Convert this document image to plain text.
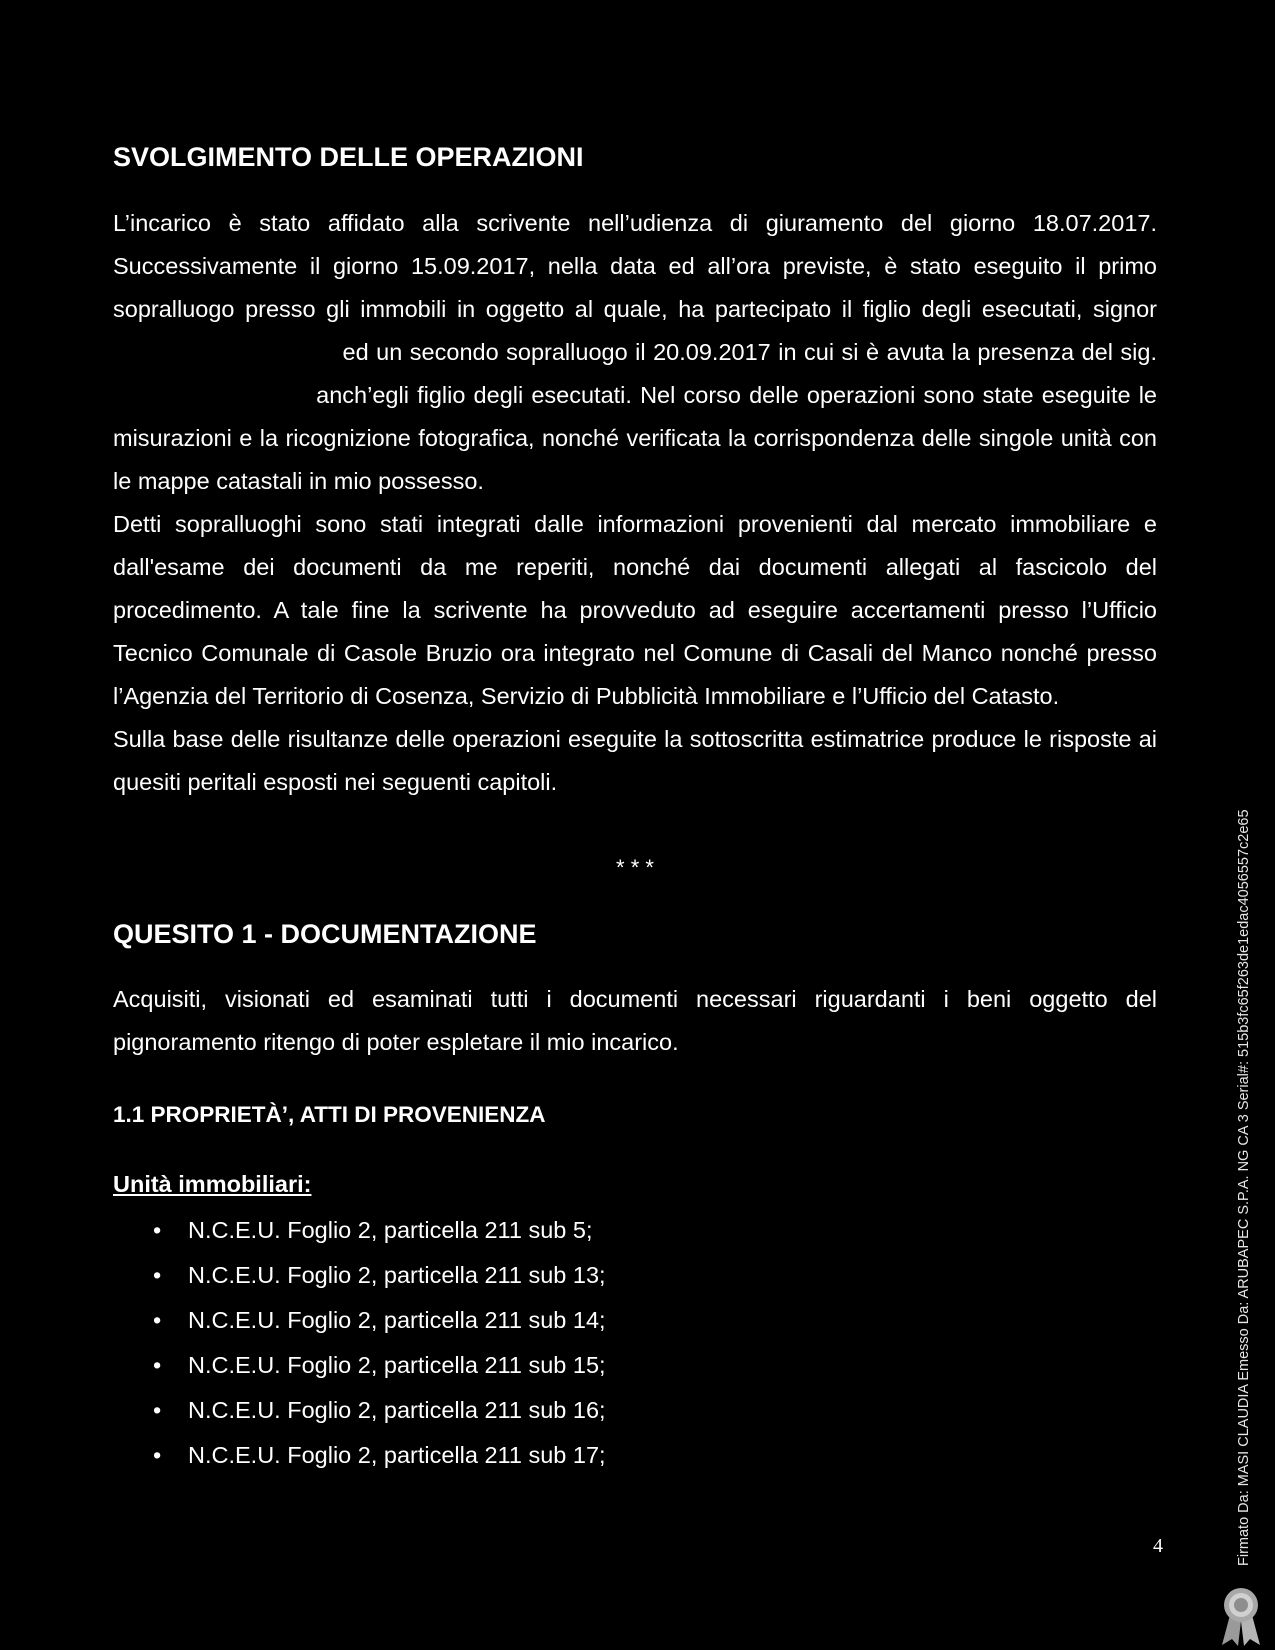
SVOLGIMENTO DELLE OPERAZIONI

L’incarico è stato affidato alla scrivente nell’udienza di giuramento del giorno 18.07.2017. Successivamente il giorno 15.09.2017, nella data ed all’ora previste, è stato eseguito il primo sopralluogo presso gli immobili in oggetto al quale, ha partecipato il figlio degli esecutati, signor   ed un secondo sopralluogo il 20.09.2017 in cui si è avuta la presenza del sig.   anch’egli figlio degli esecutati. Nel corso delle operazioni sono state eseguite le misurazioni e la ricognizione fotografica, nonché verificata la corrispondenza delle singole unità con le mappe catastali in mio possesso.

Detti sopralluoghi sono stati integrati dalle informazioni provenienti dal mercato immobiliare e dall'esame dei documenti da me reperiti, nonché dai documenti allegati al fascicolo del procedimento. A tale fine la scrivente ha provveduto ad eseguire accertamenti presso l’Ufficio Tecnico Comunale di Casole Bruzio ora integrato nel Comune di Casali del Manco nonché presso l’Agenzia del Territorio di Cosenza, Servizio di Pubblicità Immobiliare e l’Ufficio del Catasto.

Sulla base delle risultanze delle operazioni eseguite la sottoscritta estimatrice produce le risposte ai quesiti peritali esposti nei seguenti capitoli.

* * *
QUESITO 1 - DOCUMENTAZIONE

Acquisiti, visionati ed esaminati tutti i documenti necessari riguardanti i beni oggetto del pignoramento ritengo di poter espletare il mio incarico.

1.1 PROPRIETÀ’, ATTI DI PROVENIENZA
Unità immobiliari:
• N.C.E.U. Foglio 2, particella 211 sub 5;
• N.C.E.U. Foglio 2, particella 211 sub 13;
• N.C.E.U. Foglio 2, particella 211 sub 14;
• N.C.E.U. Foglio 2, particella 211 sub 15;
• N.C.E.U. Foglio 2, particella 211 sub 16;
• N.C.E.U. Foglio 2, particella 211 sub 17;
4	Firmato Da: MASI CLAUDIA Emesso Da: ARUBAPEC S.P.A. NG CA 3 Serial#: 515b3fc65f263de1edac4056557c2e65
